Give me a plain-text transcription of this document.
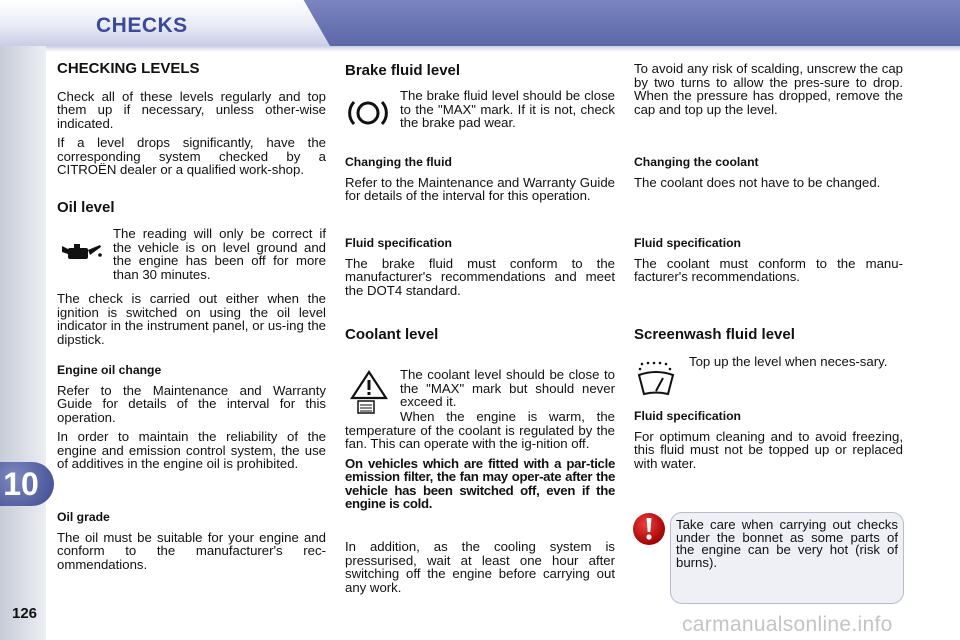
CHECKS
10
126
CHECKING LEVELS

Check all of these levels regularly and top them up if necessary, unless other-wise indicated.

If a level drops significantly, have the corresponding system checked by a CITROËN dealer or a qualified work-shop.

Oil level

The reading will only be correct if the vehicle is on level ground and the engine has been off for more than 30 minutes.

The check is carried out either when the ignition is switched on using the oil level indicator in the instrument panel, or us-ing the dipstick.

Engine oil change

Refer to the Maintenance and Warranty Guide for details of the interval for this operation.

In order to maintain the reliability of the engine and emission control system, the use of additives in the engine oil is prohibited.

Oil grade

The oil must be suitable for your engine and conform to the manufacturer's rec-ommendations.

Brake fluid level

The brake fluid level should be close to the "MAX" mark. If it is not, check the brake pad wear.

Changing the fluid

Refer to the Maintenance and Warranty Guide for details of the interval for this operation.

Fluid specification

The brake fluid must conform to the manufacturer's recommendations and meet the DOT4 standard.

Coolant level

The coolant level should be close to the "MAX" mark but should never exceed it.

When the engine is warm, the temperature of the coolant is regulated by the fan. This can operate with the ig-nition off.

On vehicles which are fitted with a par-ticle emission filter, the fan may oper-ate after the vehicle has been switched off, even if the engine is cold.

In addition, as the cooling system is pressurised, wait at least one hour after switching off the engine before carrying out any work.

To avoid any risk of scalding, unscrew the cap by two turns to allow the pres-sure to drop. When the pressure has dropped, remove the cap and top up the level.

Changing the coolant

The coolant does not have to be changed.

Fluid specification

The coolant must conform to the manu-facturer's recommendations.

Screenwash fluid level

Top up the level when neces-sary.

Fluid specification

For optimum cleaning and to avoid freezing, this fluid must not be topped up or replaced with water.

Take care when carrying out checks under the bonnet as some parts of the engine can be very hot (risk of burns).
carmanualsonline.info
